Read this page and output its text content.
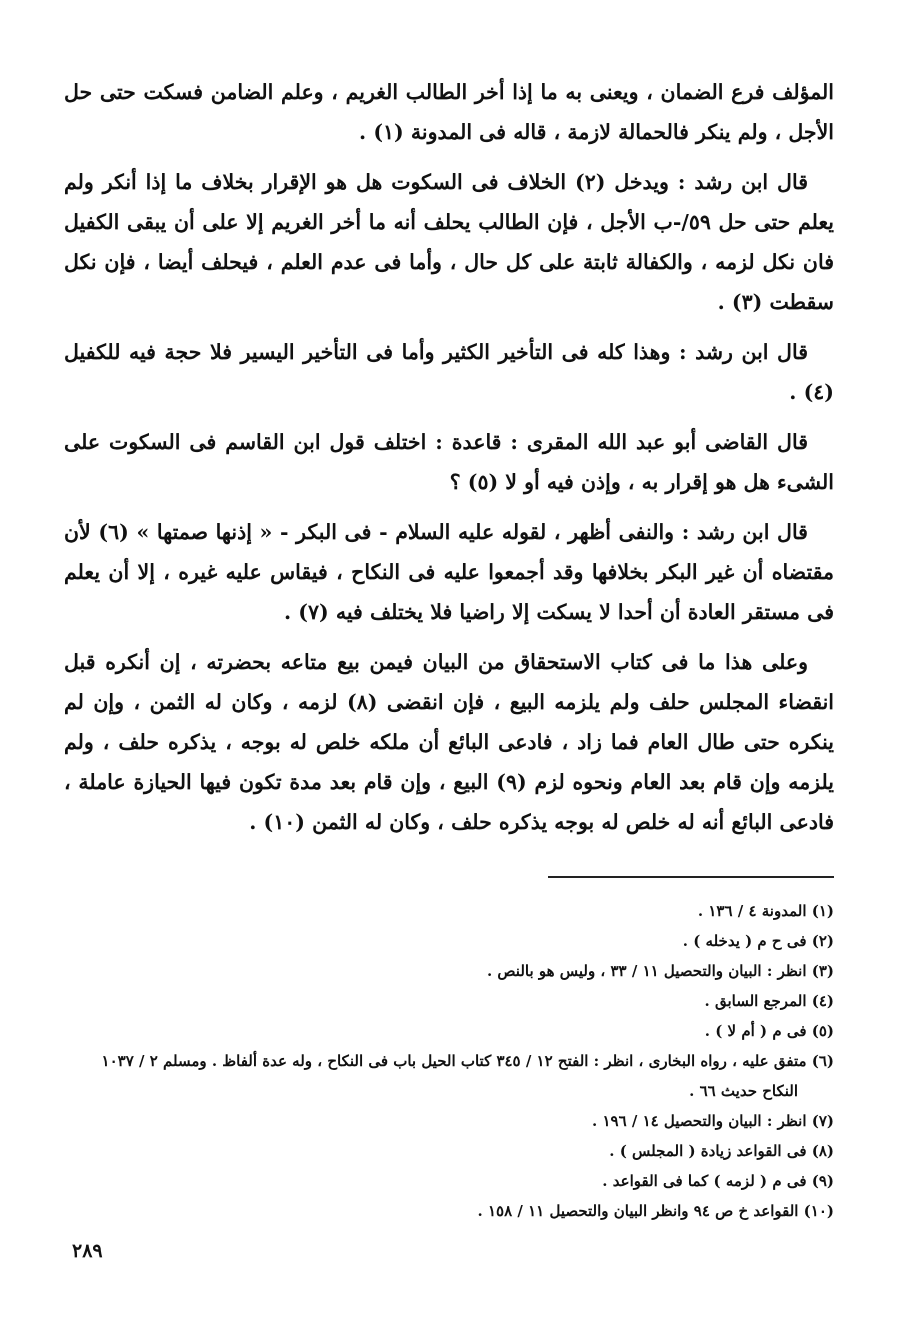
المؤلف فرع الضمان ، ويعنى به ما إذا أخر الطالب الغريم ، وعلم الضامن فسكت حتى حل الأجل ، ولم ينكر فالحمالة لازمة ، قاله فى المدونة (١) .

قال ابن رشد : ويدخل (٢) الخلاف فى السكوت هل هو الإقرار بخلاف ما إذا أنكر ولم يعلم حتى حل ٥٩/-ب الأجل ، فإن الطالب يحلف أنه ما أخر الغريم إلا على أن يبقى الكفيل فان نكل لزمه ، والكفالة ثابتة على كل حال ، وأما فى عدم العلم ، فيحلف أيضا ، فإن نكل سقطت (٣) .

قال ابن رشد : وهذا كله فى التأخير الكثير وأما فى التأخير اليسير فلا حجة فيه للكفيل (٤) .

قال القاضى أبو عبد الله المقرى : قاعدة : اختلف قول ابن القاسم فى السكوت على الشىء هل هو إقرار به ، وإذن فيه أو لا (٥) ؟

قال ابن رشد : والنفى أظهر ، لقوله عليه السلام - فى البكر - « إذنها صمتها » (٦) لأن مقتضاه أن غير البكر بخلافها وقد أجمعوا عليه فى النكاح ، فيقاس عليه غيره ، إلا أن يعلم فى مستقر العادة أن أحدا لا يسكت إلا راضيا فلا يختلف فيه (٧) .

وعلى هذا ما فى كتاب الاستحقاق من البيان فيمن بيع متاعه بحضرته ، إن أنكره قبل انقضاء المجلس حلف ولم يلزمه البيع ، فإن انقضى (٨) لزمه ، وكان له الثمن ، وإن لم ينكره حتى طال العام فما زاد ، فادعى البائع أن ملكه خلص له بوجه ، يذكره حلف ، ولم يلزمه وإن قام بعد العام ونحوه لزم (٩) البيع ، وإن قام بعد مدة تكون فيها الحيازة عاملة ، فادعى البائع أنه له خلص له بوجه يذكره حلف ، وكان له الثمن (١٠) .

(١) المدونة ٤ / ١٣٦ .

(٢) فى ح م ( يدخله ) .

(٣) انظر : البيان والتحصيل ١١ / ٣٣ ، وليس هو بالنص .

(٤) المرجع السابق .

(٥) فى م ( أم لا ) .

(٦) متفق عليه ، رواه البخارى ، انظر : الفتح ١٢ / ٣٤٥ كتاب الحيل باب فى النكاح ، وله عدة ألفاظ . ومسلم ٢ / ١٠٣٧ النكاح حديث ٦٦ .

(٧) انظر : البيان والتحصيل ١٤ / ١٩٦ .

(٨) فى القواعد زيادة ( المجلس ) .

(٩) فى م ( لزمه ) كما فى القواعد .

(١٠) القواعد خ ص ٩٤ وانظر البيان والتحصيل ١١ / ١٥٨ .

٢٨٩
